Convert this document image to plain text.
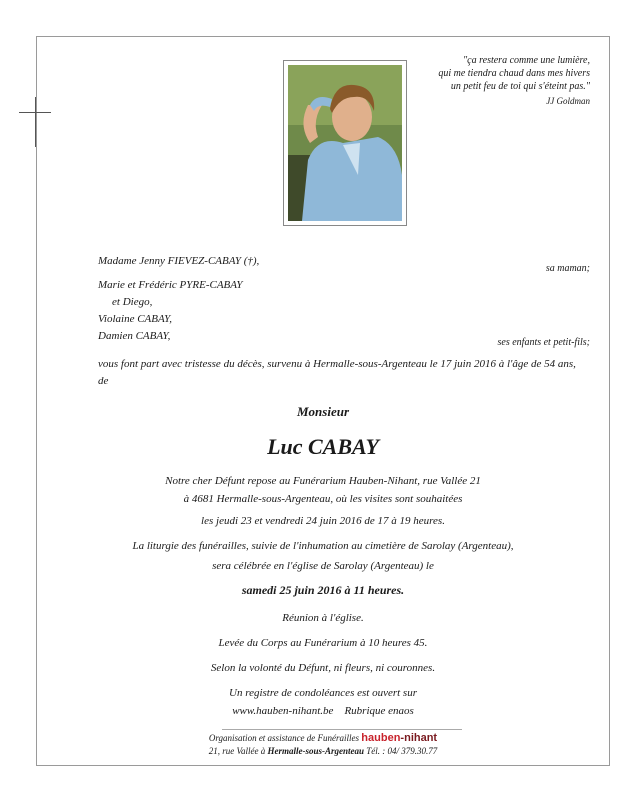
"ça restera comme une lumière,
qui me tiendra chaud dans mes hivers
un petit feu de toi qui s'éteint pas."
JJ Goldman
Madame Jenny FIEVEZ-CABAY (†),
sa maman;
Marie et Frédéric PYRE-CABAY
et Diego,
Violaine CABAY,
Damien CABAY,
ses enfants et petit-fils;
vous font part avec tristesse du décès, survenu à Hermalle-sous-Argenteau le 17 juin 2016 à l'âge de 54 ans, de
Monsieur
Luc CABAY
Notre cher Défunt repose au Funérarium Hauben-Nihant, rue Vallée 21
à 4681 Hermalle-sous-Argenteau, où les visites sont souhaitées
les jeudi 23 et vendredi 24 juin 2016 de 17 à 19 heures.
La liturgie des funérailles, suivie de l'inhumation au cimetière de Sarolay (Argenteau),
sera célébrée en l'église de Sarolay (Argenteau) le
samedi 25 juin 2016 à 11 heures.
Réunion à l'église.
Levée du Corps au Funérarium à 10 heures 45.
Selon la volonté du Défunt, ni fleurs, ni couronnes.
Un registre de condoléances est ouvert sur
www.hauben-nihant.be    Rubrique enaos
Organisation et assistance de Funérailles hauben-nihant
21, rue Vallée à Hermalle-sous-Argenteau Tél. : 04/ 379.30.77
